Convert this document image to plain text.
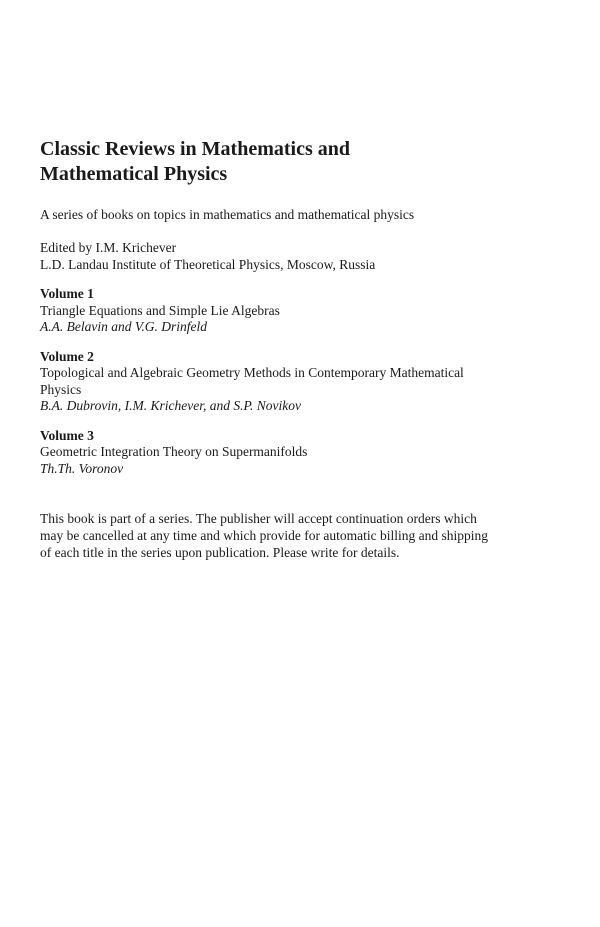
Classic Reviews in Mathematics and
Mathematical Physics
A series of books on topics in mathematics and mathematical physics
Edited by I.M. Krichever
L.D. Landau Institute of Theoretical Physics, Moscow, Russia
Volume 1
Triangle Equations and Simple Lie Algebras
A.A. Belavin and V.G. Drinfeld
Volume 2
Topological and Algebraic Geometry Methods in Contemporary Mathematical
Physics
B.A. Dubrovin, I.M. Krichever, and S.P. Novikov
Volume 3
Geometric Integration Theory on Supermanifolds
Th.Th. Voronov
This book is part of a series. The publisher will accept continuation orders which
may be cancelled at any time and which provide for automatic billing and shipping
of each title in the series upon publication. Please write for details.
